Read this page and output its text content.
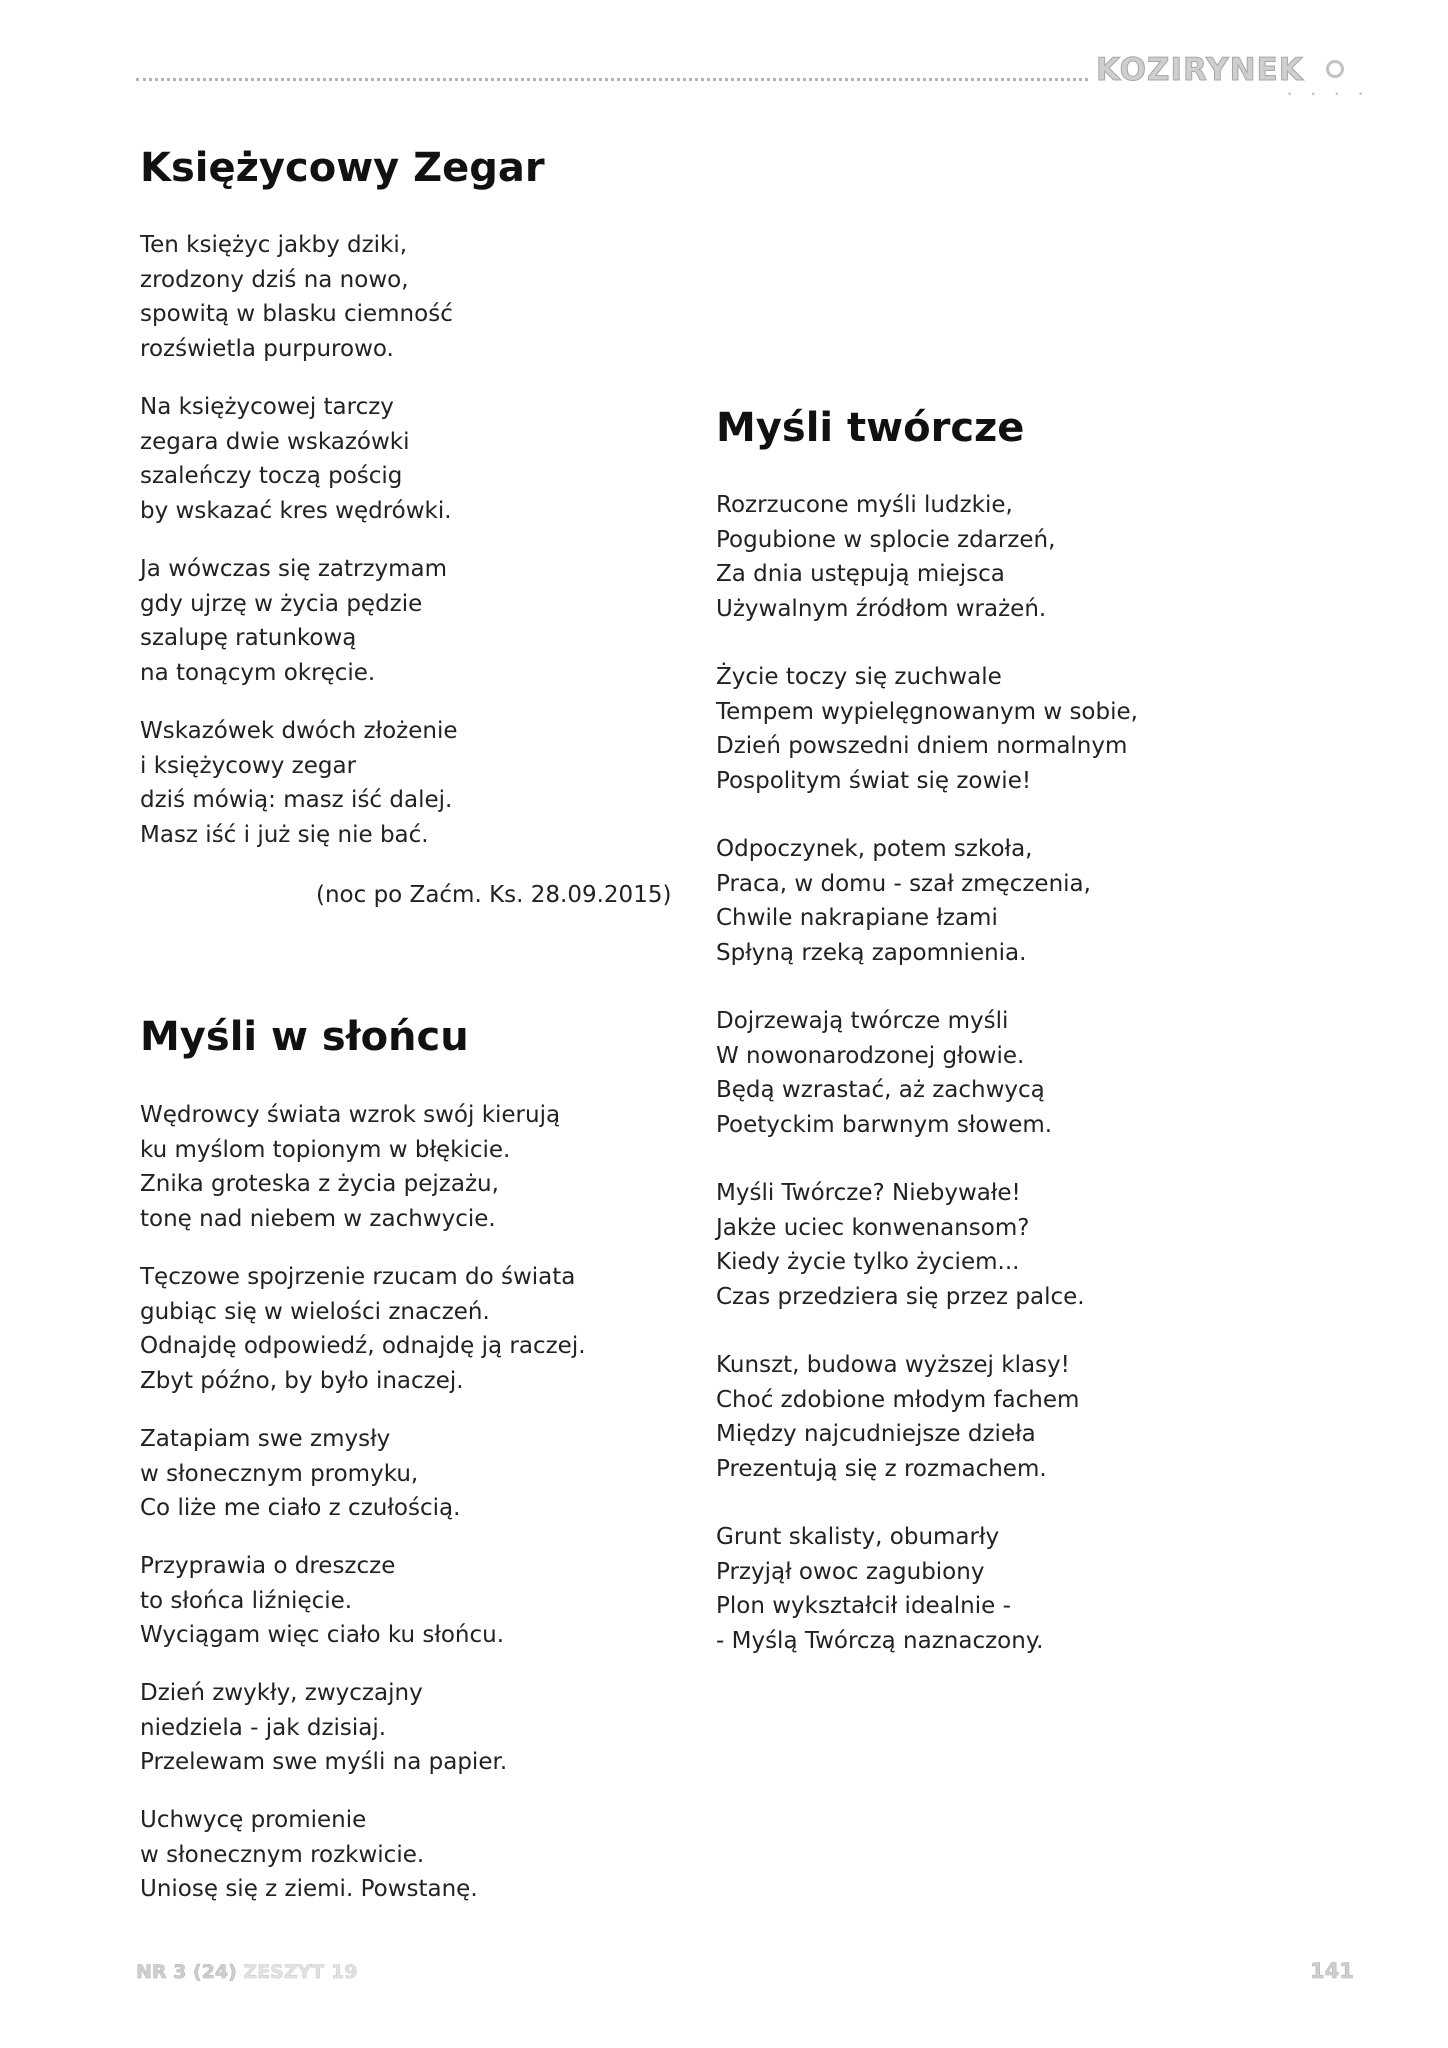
KOZIRYNEK
• • • •
Księżycowy Zegar

Ten księżyc jakby dziki,
zrodzony dziś na nowo,
spowitą w blasku ciemność
rozświetla purpurowo.

Na księżycowej tarczy
zegara dwie wskazówki
szaleńczy toczą pościg
by wskazać kres wędrówki.

Ja wówczas się zatrzymam
gdy ujrzę w życia pędzie
szalupę ratunkową
na tonącym okręcie.

Wskazówek dwóch złożenie
i księżycowy zegar
dziś mówią: masz iść dalej.
Masz iść i już się nie bać.

(noc po Zaćm. Ks. 28.09.2015)

Myśli w słońcu

Wędrowcy świata wzrok swój kierują
ku myślom topionym w błękicie.
Znika groteska z życia pejzażu,
tonę nad niebem w zachwycie.

Tęczowe spojrzenie rzucam do świata
gubiąc się w wielości znaczeń.
Odnajdę odpowiedź, odnajdę ją raczej.
Zbyt późno, by było inaczej.

Zatapiam swe zmysły
w słonecznym promyku,
Co liże me ciało z czułością.

Przyprawia o dreszcze
to słońca liźnięcie.
Wyciągam więc ciało ku słońcu.

Dzień zwykły, zwyczajny
niedziela - jak dzisiaj.
Przelewam swe myśli na papier.

Uchwycę promienie
w słonecznym rozkwicie.
Uniosę się z ziemi. Powstanę.

Myśli twórcze

Rozrzucone myśli ludzkie,
Pogubione w splocie zdarzeń,
Za dnia ustępują miejsca
Używalnym źródłom wrażeń.

Życie toczy się zuchwale
Tempem wypielęgnowanym w sobie,
Dzień powszedni dniem normalnym
Pospolitym świat się zowie!

Odpoczynek, potem szkoła,
Praca, w domu - szał zmęczenia,
Chwile nakrapiane łzami
Spłyną rzeką zapomnienia.

Dojrzewają twórcze myśli
W nowonarodzonej głowie.
Będą wzrastać, aż zachwycą
Poetyckim barwnym słowem.

Myśli Twórcze? Niebywałe!
Jakże uciec konwenansom?
Kiedy życie tylko życiem...
Czas przedziera się przez palce.

Kunszt, budowa wyższej klasy!
Choć zdobione młodym fachem
Między najcudniejsze dzieła
Prezentują się z rozmachem.

Grunt skalisty, obumarły
Przyjął owoc zagubiony
Plon wykształcił idealnie -
- Myślą Twórczą naznaczony.

NR 3 (24) ZESZYT 19	141
